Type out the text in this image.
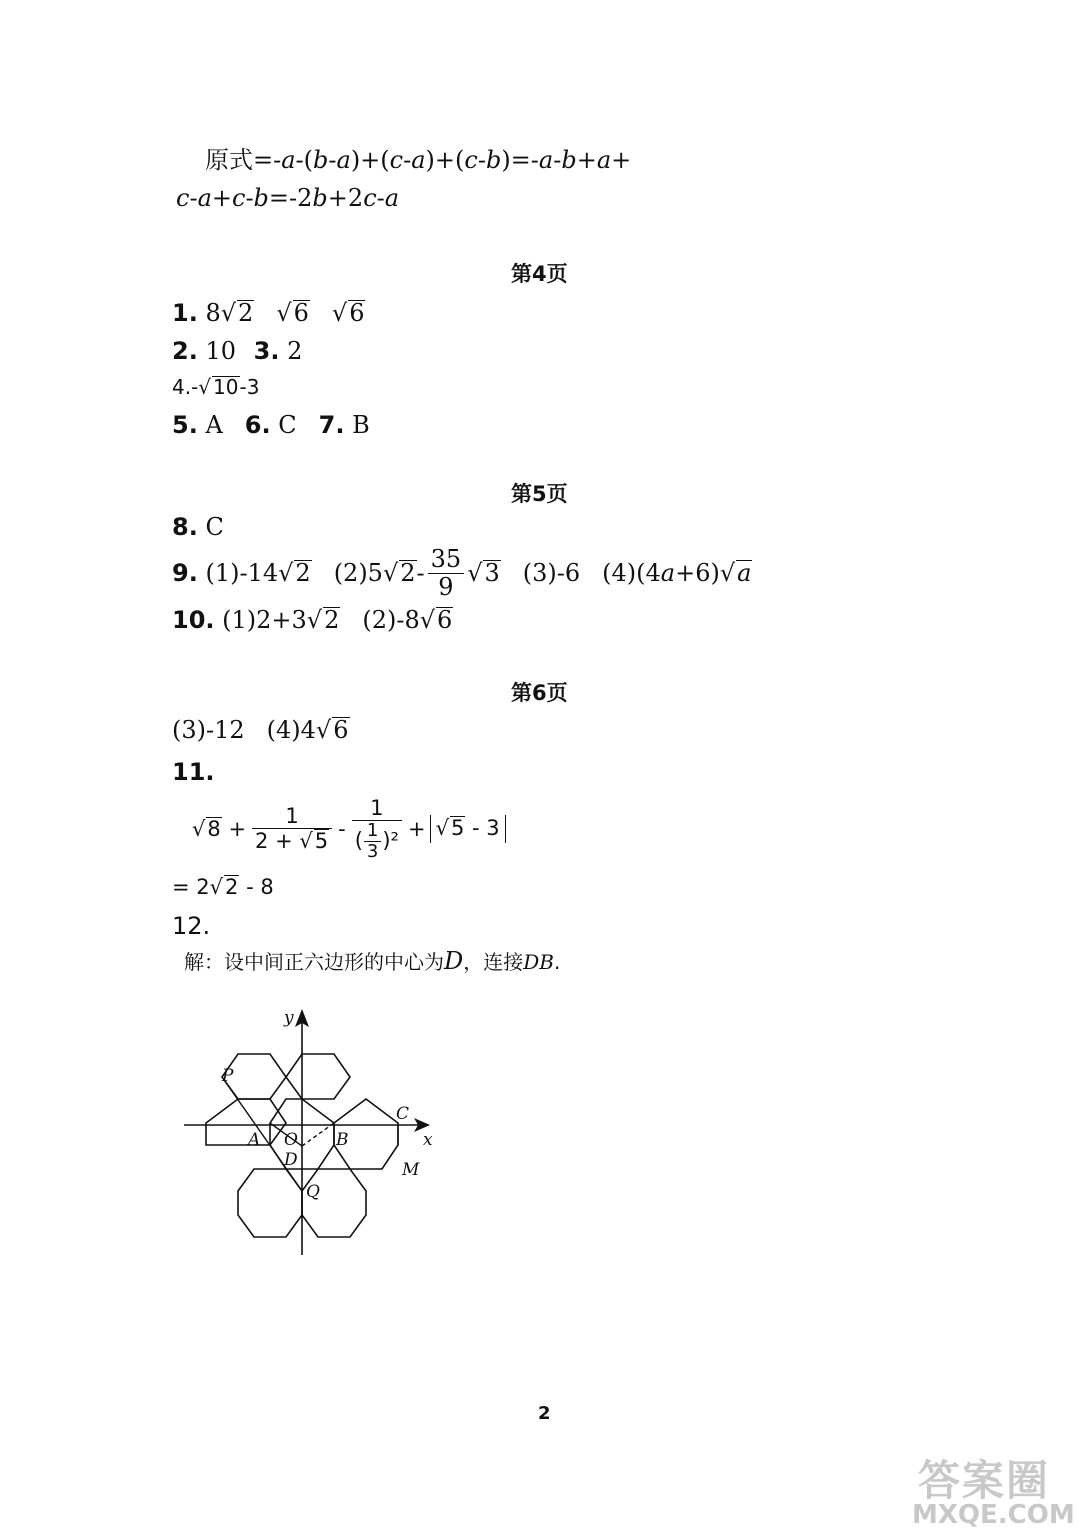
原式=-a-(b-a)+(c-a)+(c-b)=-a-b+a+
c-a+c-b=-2b+2c-a
第4页
1. 8√2 √6 √6
2. 10 3. 2
4.-√ 10-3
5. A 6. C 7. B
第5页
8. C
9. (1)-14√ 2 (2)5√ $2 - \frac{35}{9}$ √ 3 (3)-6 (4)(4 a +6)√ a
10. (1)2+3√2 (2)-8√6
第6页
(3)-12 (4)4√6
11.
√ $8 + \frac{1}{2 + √5} - \frac{1}{( \frac{1}{3} )^2} + √5 - 3$
= 2√2 - 8
12.
解：设中间正六边形的中心为D，连接DB.
y
x
P
C
A O B
D	M
Q
2
答案圈
MXQE.COM
